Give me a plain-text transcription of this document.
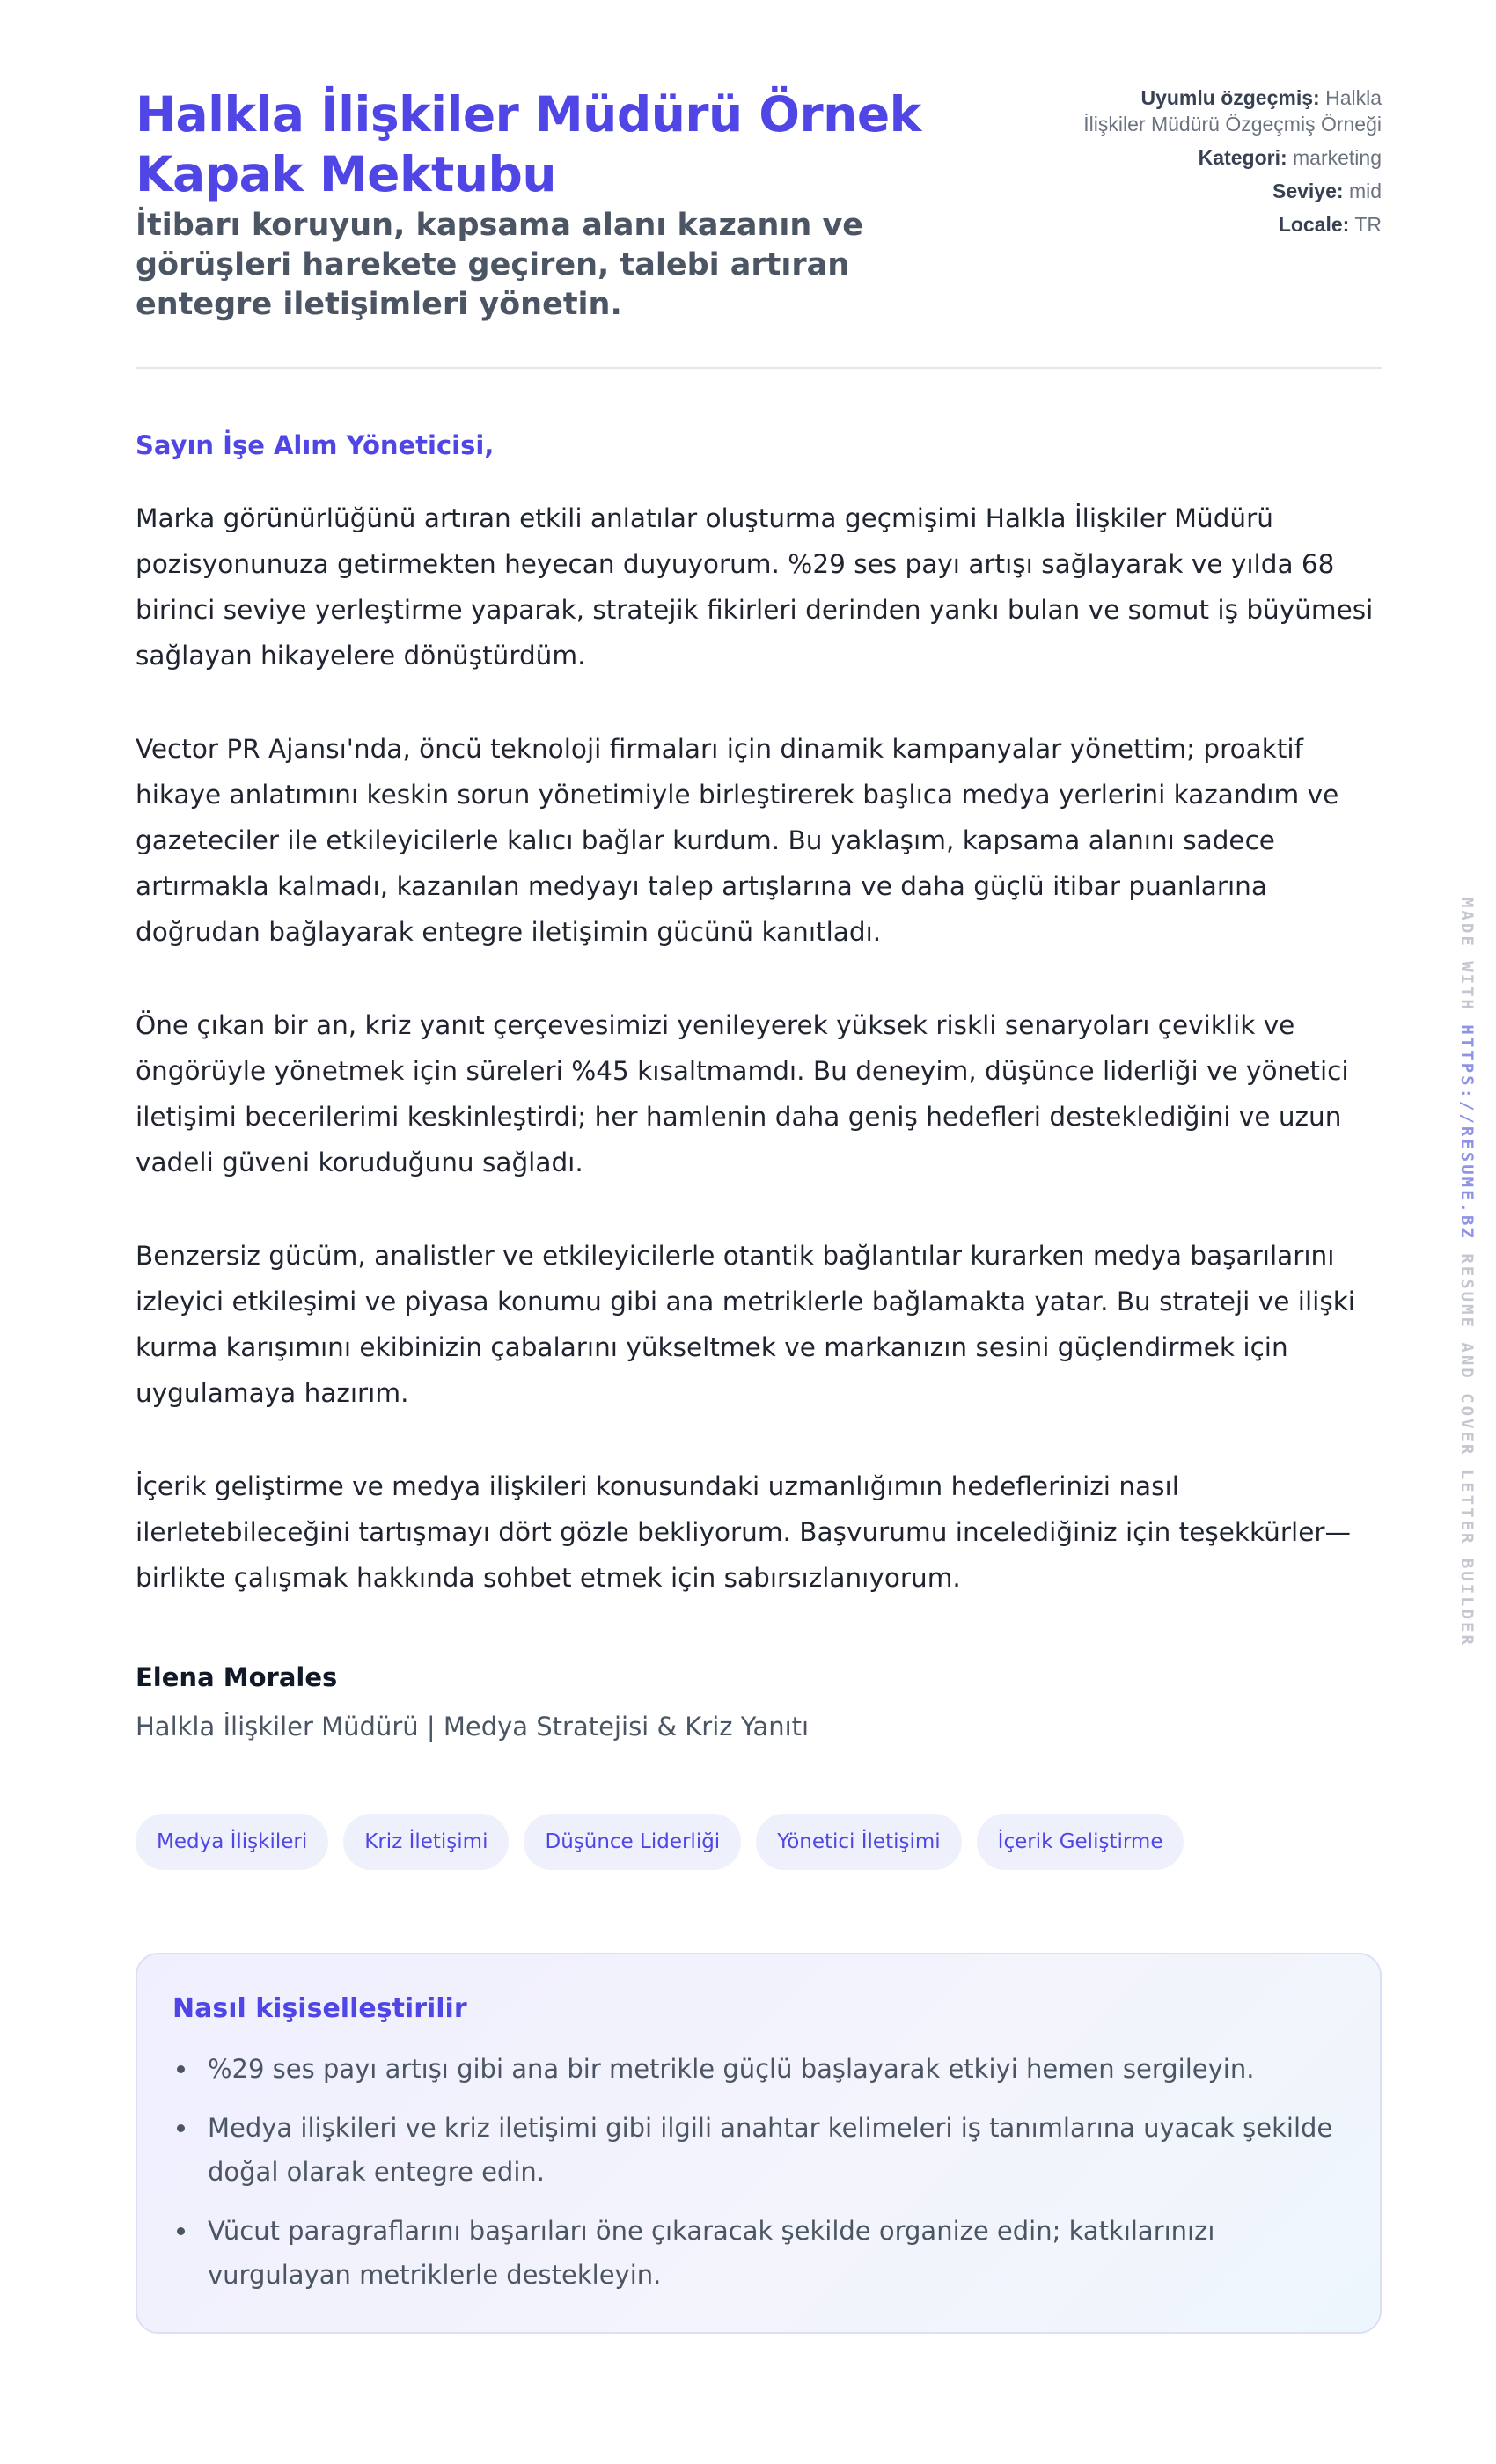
Halkla İlişkiler Müdürü Örnek Kapak Mektubu
İtibarı koruyun, kapsama alanı kazanın ve görüşleri harekete geçiren, talebi artıran entegre iletişimleri yönetin.
Uyumlu özgeçmiş: Halkla İlişkiler Müdürü Özgeçmiş Örneği
Kategori: marketing
Seviye: mid
Locale: TR
Sayın İşe Alım Yöneticisi,

Marka görünürlüğünü artıran etkili anlatılar oluşturma geçmişimi Halkla İlişkiler Müdürü pozisyonunuza getirmekten heyecan duyuyorum. %29 ses payı artışı sağlayarak ve yılda 68 birinci seviye yerleştirme yaparak, stratejik fikirleri derinden yankı bulan ve somut iş büyümesi sağlayan hikayelere dönüştürdüm.

Vector PR Ajansı'nda, öncü teknoloji firmaları için dinamik kampanyalar yönettim; proaktif hikaye anlatımını keskin sorun yönetimiyle birleştirerek başlıca medya yerlerini kazandım ve gazeteciler ile etkileyicilerle kalıcı bağlar kurdum. Bu yaklaşım, kapsama alanını sadece artırmakla kalmadı, kazanılan medyayı talep artışlarına ve daha güçlü itibar puanlarına doğrudan bağlayarak entegre iletişimin gücünü kanıtladı.

Öne çıkan bir an, kriz yanıt çerçevesimizi yenileyerek yüksek riskli senaryoları çeviklik ve öngörüyle yönetmek için süreleri %45 kısaltmamdı. Bu deneyim, düşünce liderliği ve yönetici iletişimi becerilerimi keskinleştirdi; her hamlenin daha geniş hedefleri desteklediğini ve uzun vadeli güveni koruduğunu sağladı.

Benzersiz gücüm, analistler ve etkileyicilerle otantik bağlantılar kurarken medya başarılarını izleyici etkileşimi ve piyasa konumu gibi ana metriklerle bağlamakta yatar. Bu strateji ve ilişki kurma karışımını ekibinizin çabalarını yükseltmek ve markanızın sesini güçlendirmek için uygulamaya hazırım.

İçerik geliştirme ve medya ilişkileri konusundaki uzmanlığımın hedeflerinizi nasıl ilerletebileceğini tartışmayı dört gözle bekliyorum. Başvurumu incelediğiniz için teşekkürler—birlikte çalışmak hakkında sohbet etmek için sabırsızlanıyorum.

Elena Morales
Halkla İlişkiler Müdürü | Medya Stratejisi & Kriz Yanıtı
Medya İlişkileri	Kriz İletişimi	Düşünce Liderliği	Yönetici İletişimi	İçerik Geliştirme
Nasıl kişiselleştirilir
%29 ses payı artışı gibi ana bir metrikle güçlü başlayarak etkiyi hemen sergileyin.
Medya ilişkileri ve kriz iletişimi gibi ilgili anahtar kelimeleri iş tanımlarına uyacak şekilde doğal olarak entegre edin.
Vücut paragraflarını başarıları öne çıkaracak şekilde organize edin; katkılarınızı vurgulayan metriklerle destekleyin.
MADE WITH HTTPS://RESUME.BZ RESUME AND COVER LETTER BUILDER
